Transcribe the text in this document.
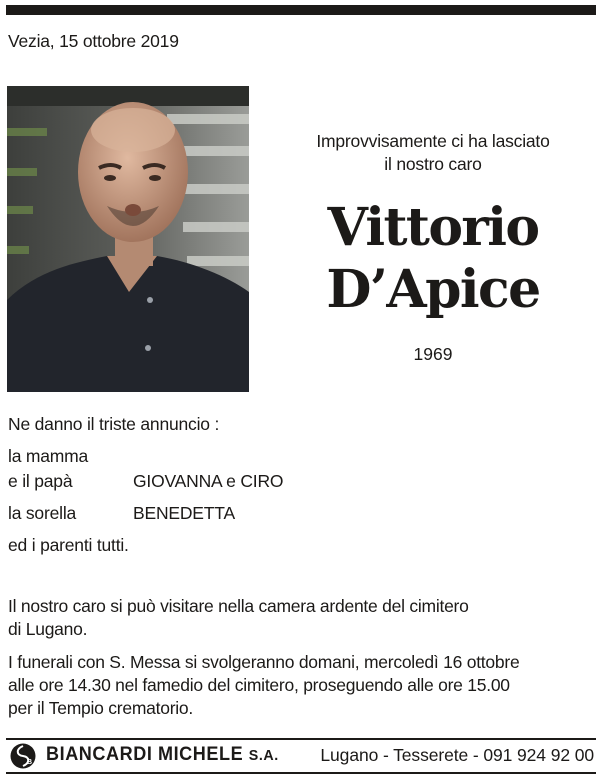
Vezia, 15 ottobre 2019
Improvvisamente ci ha lasciato
il nostro caro
Vittorio
D’Apice
1969
Ne danno il triste annuncio :
la mamma
e il papà	GIOVANNA e CIRO
la sorella	BENEDETTA
ed i parenti tutti.
Il nostro caro si può visitare nella camera ardente del cimitero
di Lugano.
I funerali con S. Messa si svolgeranno domani, mercoledì 16 ottobre
alle ore 14.30 nel famedio del cimitero, proseguendo alle ore 15.00
per il Tempio crematorio.
B BIANCARDI MICHELE S.A. Lugano - Tesserete - 091 924 92 00
